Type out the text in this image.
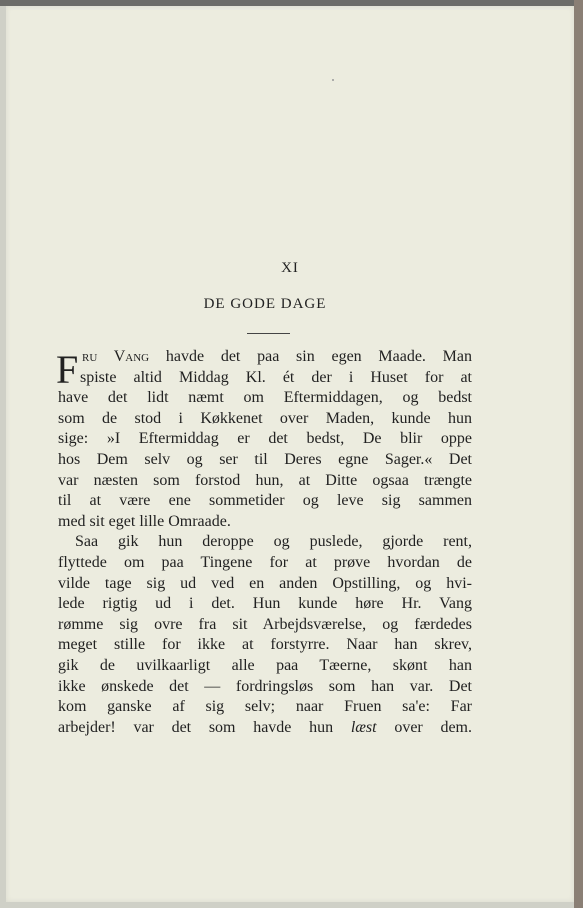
XI
DE GODE DAGE
F ru Vang havde det paa sin egen Maade. Man
spiste altid Middag Kl. ét der i Huset for at
have det lidt næmt om Eftermiddagen, og bedst
som de stod i Køkkenet over Maden, kunde hun
sige: »I Eftermiddag er det bedst, De blir oppe
hos Dem selv og ser til Deres egne Sager.« Det
var næsten som forstod hun, at Ditte ogsaa trængte
til at være ene sommetider og leve sig sammen
med sit eget lille Omraade.
Saa gik hun deroppe og puslede, gjorde rent,
flyttede om paa Tingene for at prøve hvordan de
vilde tage sig ud ved en anden Opstilling, og hvi-
lede rigtig ud i det. Hun kunde høre Hr. Vang
rømme sig ovre fra sit Arbejdsværelse, og færdedes
meget stille for ikke at forstyrre. Naar han skrev,
gik de uvilkaarligt alle paa Tæerne, skønt han
ikke ønskede det — fordringsløs som han var. Det
kom ganske af sig selv; naar Fruen sa'e: Far
arbejder! var det som havde hun læst over dem.
